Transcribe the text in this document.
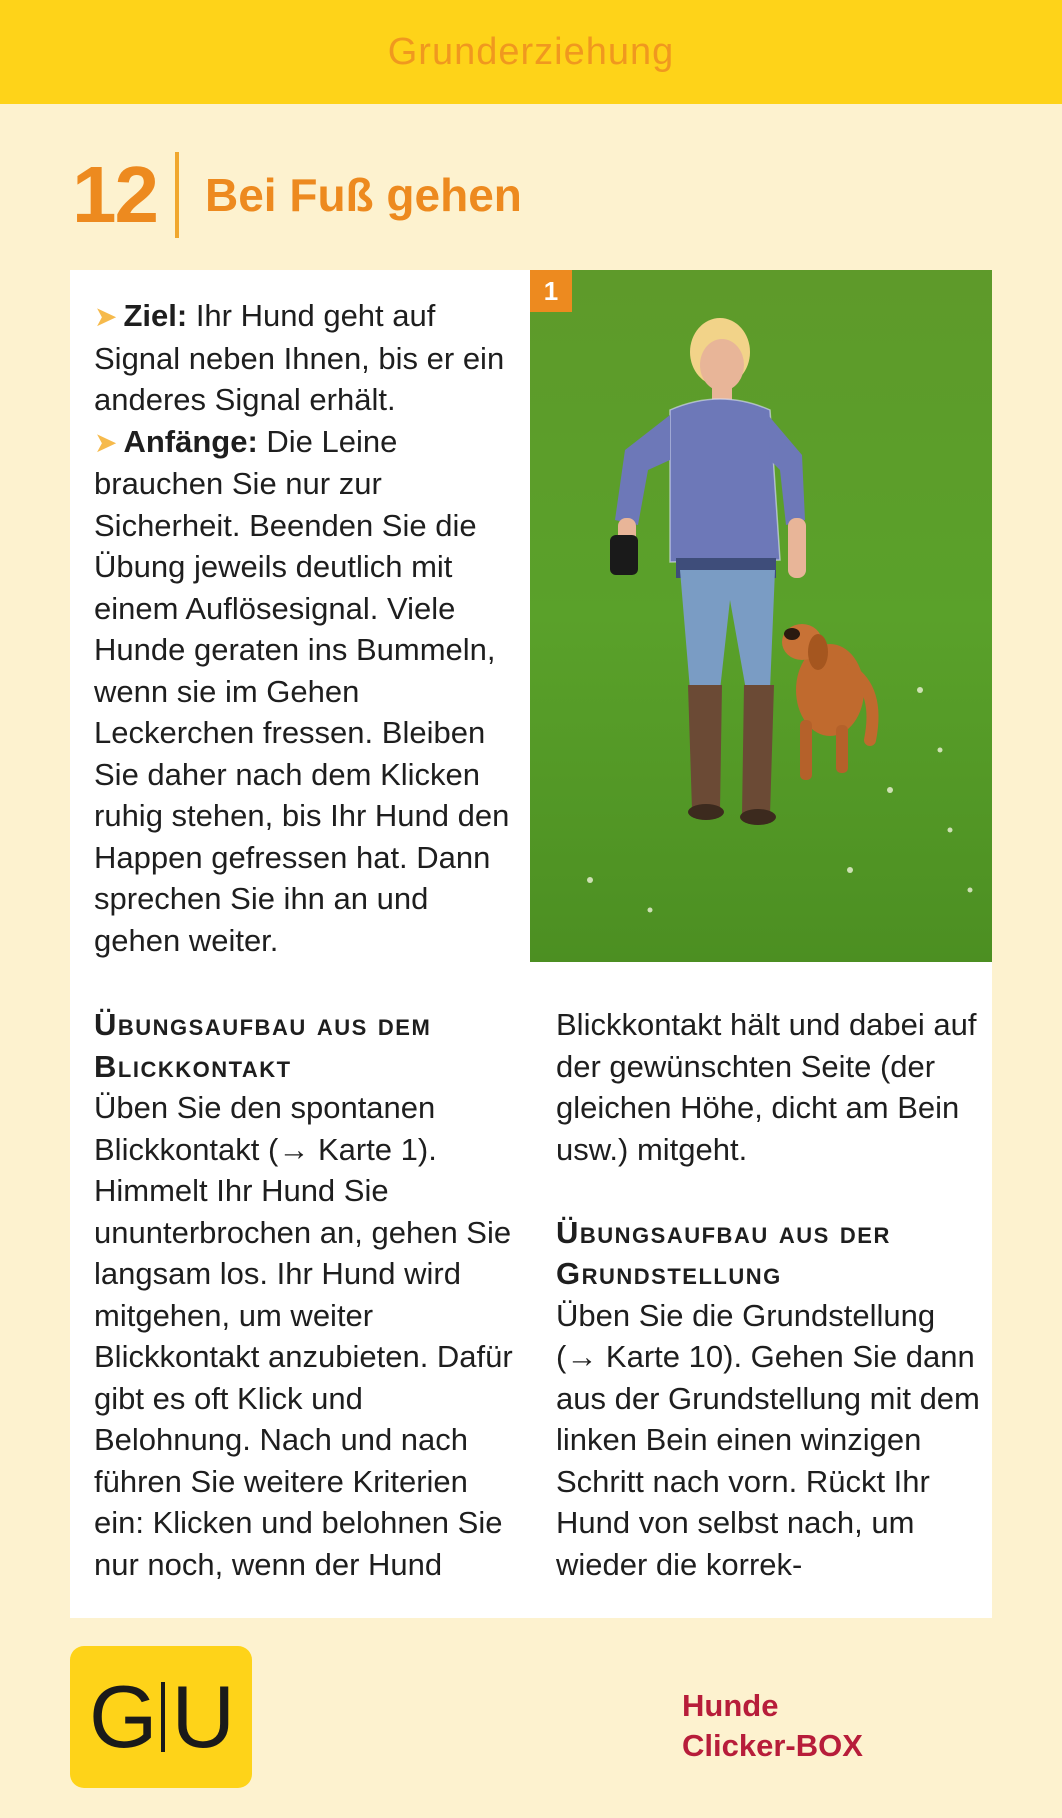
Grunderziehung
12 Bei Fuß gehen

➤ Ziel: Ihr Hund geht auf Signal neben Ihnen, bis er ein anderes Signal erhält.

➤ Anfänge: Die Leine brauchen Sie nur zur Sicherheit. Beenden Sie die Übung jeweils deutlich mit einem Auflösesignal. Viele Hunde geraten ins Bummeln, wenn sie im Gehen Leckerchen fressen. Bleiben Sie daher nach dem Klicken ruhig stehen, bis Ihr Hund den Happen gefressen hat. Dann sprechen Sie ihn an und gehen weiter.

1

Übungsaufbau aus dem Blickkontakt

Üben Sie den spontanen Blickkontakt (→ Karte 1). Himmelt Ihr Hund Sie ununterbrochen an, gehen Sie langsam los. Ihr Hund wird mitgehen, um weiter Blickkontakt anzubieten. Dafür gibt es oft Klick und Belohnung. Nach und nach führen Sie weitere Kriterien ein: Klicken und belohnen Sie nur noch, wenn der Hund

Blickkontakt hält und dabei auf der gewünschten Seite (der gleichen Höhe, dicht am Bein usw.) mitgeht.

Übungsaufbau aus der Grundstellung

Üben Sie die Grundstellung (→ Karte 10). Gehen Sie dann aus der Grundstellung mit dem linken Bein einen winzigen Schritt nach vorn. Rückt Ihr Hund von selbst nach, um wieder die korrek-

G U	Hunde
Clicker-BOX
